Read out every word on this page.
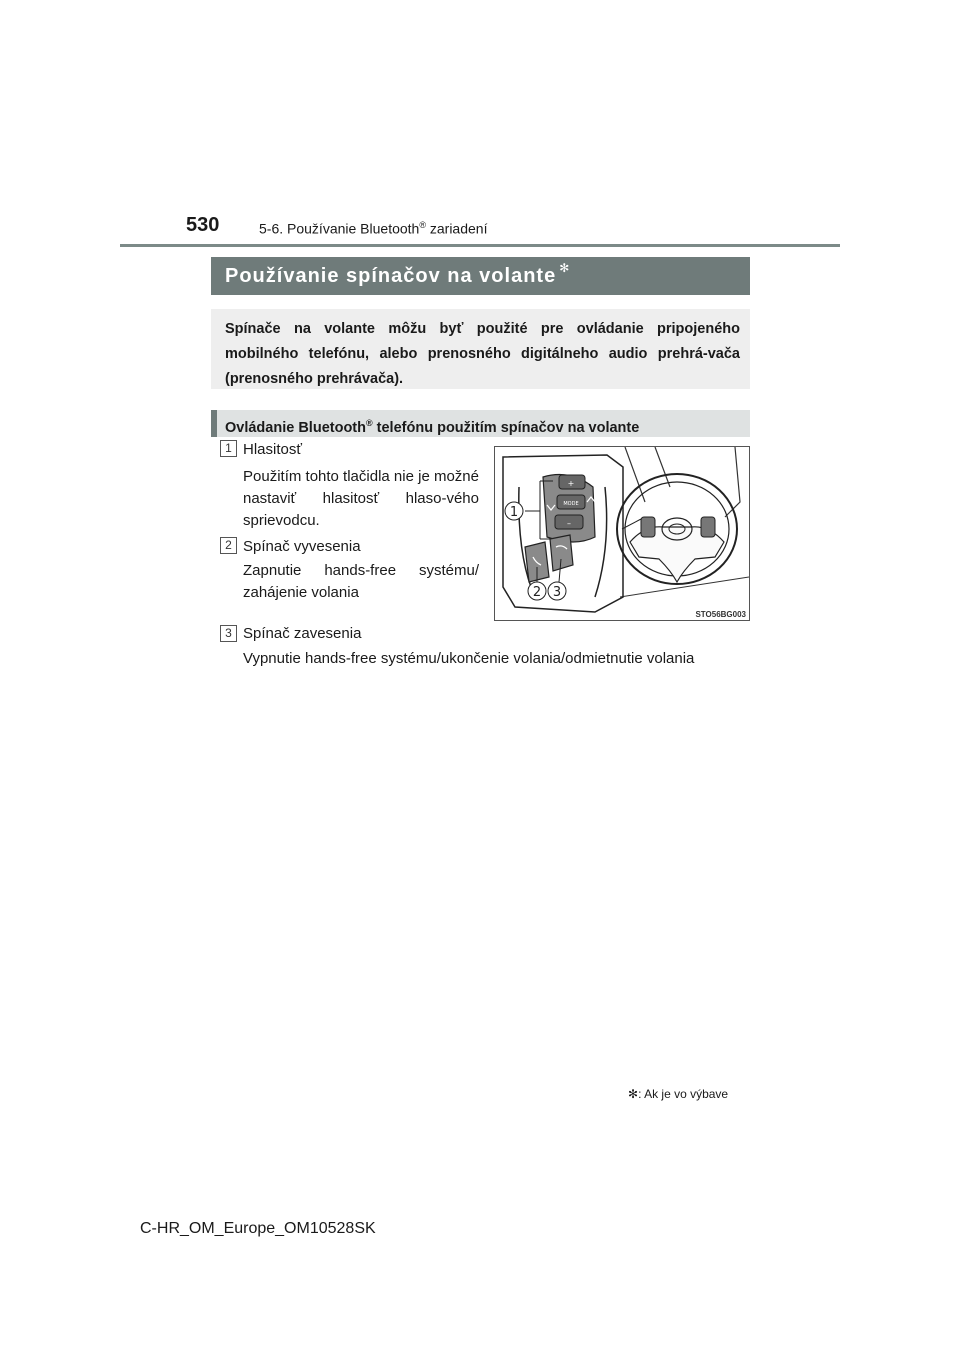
530	5-6. Používanie Bluetooth® zariadení
Používanie spínačov na volante ✻
Spínače na volante môžu byť použité pre ovládanie pripojeného mobilného telefónu, alebo prenosného digitálneho audio prehrá-vača (prenosného prehrávača).
Ovládanie Bluetooth® telefónu použitím spínačov na volante
1 Hlasitosť
Použitím tohto tlačidla nie je možné nastaviť hlasitosť hlaso-vého sprievodcu.
2 Spínač vyvesenia
Zapnutie hands-free systému/ zahájenie volania
3 Spínač zavesenia
Vypnutie hands-free systému/ukončenie volania/odmietnutie volania
+
MODE
–
1
2 3
STO56BG003
✻: Ak je vo výbave
C-HR_OM_Europe_OM10528SK
